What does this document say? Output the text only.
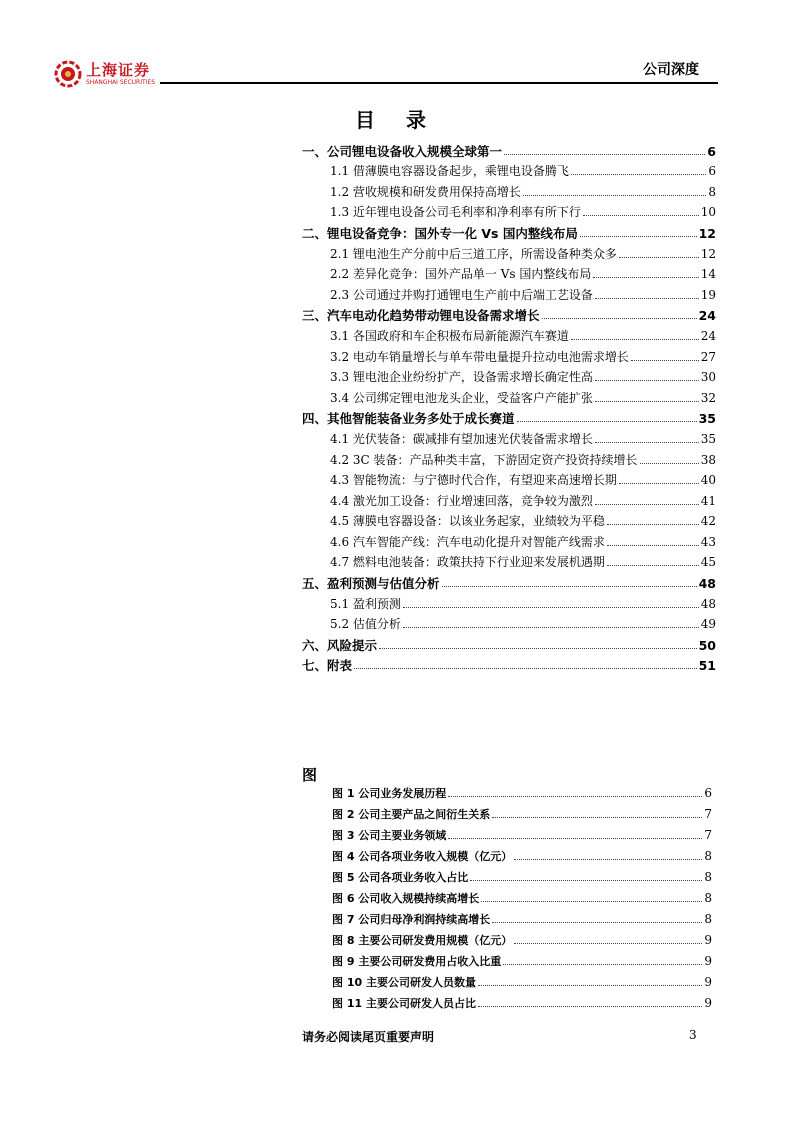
上海证券
SHANGHAI SECURITIES
公司深度
目 录
一、公司锂电设备收入规模全球第一	6
1.1 借薄膜电容器设备起步，乘锂电设备腾飞	6
1.2 营收规模和研发费用保持高增长	8
1.3 近年锂电设备公司毛利率和净利率有所下行	10
二、锂电设备竞争：国外专一化 Vs 国内整线布局	12
2.1 锂电池生产分前中后三道工序，所需设备种类众多	12
2.2 差异化竞争：国外产品单一 Vs 国内整线布局	14
2.3 公司通过并购打通锂电生产前中后端工艺设备	19
三、汽车电动化趋势带动锂电设备需求增长	24
3.1 各国政府和车企积极布局新能源汽车赛道	24
3.2 电动车销量增长与单车带电量提升拉动电池需求增长	27
3.3 锂电池企业纷纷扩产，设备需求增长确定性高	30
3.4 公司绑定锂电池龙头企业，受益客户产能扩张	32
四、其他智能装备业务多处于成长赛道	35
4.1 光伏装备：碳减排有望加速光伏装备需求增长	35
4.2 3C 装备：产品种类丰富，下游固定资产投资持续增长	38
4.3 智能物流：与宁德时代合作，有望迎来高速增长期	40
4.4 激光加工设备：行业增速回落，竞争较为激烈	41
4.5 薄膜电容器设备：以该业务起家，业绩较为平稳	42
4.6 汽车智能产线：汽车电动化提升对智能产线需求	43
4.7 燃料电池装备：政策扶持下行业迎来发展机遇期	45
五、盈利预测与估值分析	48
5.1 盈利预测	48
5.2 估值分析	49
六、风险提示	50
七、附表	51
图
图 1 公司业务发展历程	6
图 2 公司主要产品之间衍生关系	7
图 3 公司主要业务领域	7
图 4 公司各项业务收入规模（亿元）	8
图 5 公司各项业务收入占比	8
图 6 公司收入规模持续高增长	8
图 7 公司归母净利润持续高增长	8
图 8 主要公司研发费用规模（亿元）	9
图 9 主要公司研发费用占收入比重	9
图 10 主要公司研发人员数量	9
图 11 主要公司研发人员占比	9
请务必阅读尾页重要声明	3
